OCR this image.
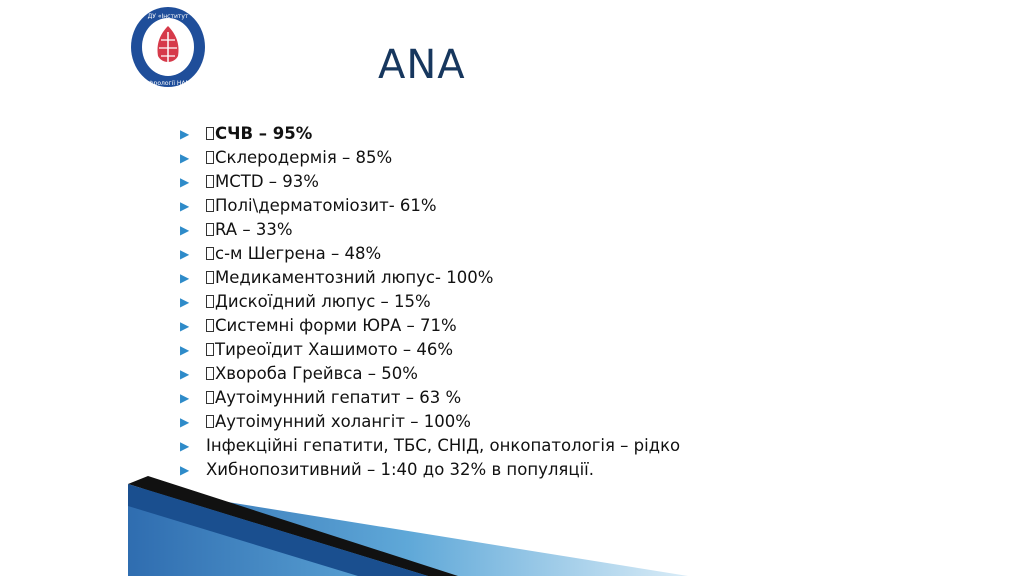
ДУ «Інститут
нефрології НАМН	ANA
▶ СЧВ – 95%
▶ Склеродермія – 85%
▶ MCTD – 93%
▶ Полі\дерматоміозит- 61%
▶ RA – 33%
▶ с-м Шегрена – 48%
▶ Медикаментозний люпус- 100%
▶ Дискоїдний люпус – 15%
▶ Системні форми ЮРА – 71%
▶ Тиреоїдит Хашимото – 46%
▶ Хвороба Грейвса – 50%
▶ Аутоімунний гепатит – 63 %
▶ Аутоімунний холангіт – 100%
▶ Інфекційні гепатити, ТБС, СНІД, онкопатологія – рідко
▶ Хибнопозитивний – 1:40 до 32% в популяції.
